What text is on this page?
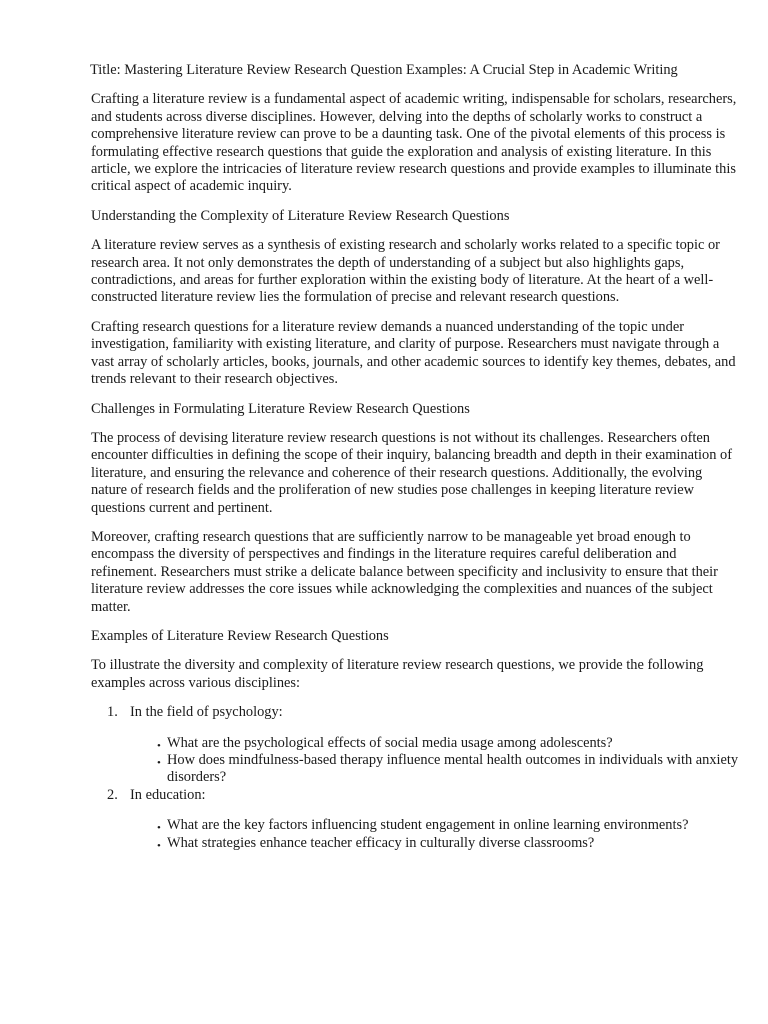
Title: Mastering Literature Review Research Question Examples: A Crucial Step in Academic Writing

Crafting a literature review is a fundamental aspect of academic writing, indispensable for scholars, researchers, and students across diverse disciplines. However, delving into the depths of scholarly works to construct a comprehensive literature review can prove to be a daunting task. One of the pivotal elements of this process is formulating effective research questions that guide the exploration and analysis of existing literature. In this article, we explore the intricacies of literature review research questions and provide examples to illuminate this critical aspect of academic inquiry.

Understanding the Complexity of Literature Review Research Questions

A literature review serves as a synthesis of existing research and scholarly works related to a specific topic or research area. It not only demonstrates the depth of understanding of a subject but also highlights gaps, contradictions, and areas for further exploration within the existing body of literature. At the heart of a well-constructed literature review lies the formulation of precise and relevant research questions.

Crafting research questions for a literature review demands a nuanced understanding of the topic under investigation, familiarity with existing literature, and clarity of purpose. Researchers must navigate through a vast array of scholarly articles, books, journals, and other academic sources to identify key themes, debates, and trends relevant to their research objectives.

Challenges in Formulating Literature Review Research Questions

The process of devising literature review research questions is not without its challenges. Researchers often encounter difficulties in defining the scope of their inquiry, balancing breadth and depth in their examination of literature, and ensuring the relevance and coherence of their research questions. Additionally, the evolving nature of research fields and the proliferation of new studies pose challenges in keeping literature review questions current and pertinent.

Moreover, crafting research questions that are sufficiently narrow to be manageable yet broad enough to encompass the diversity of perspectives and findings in the literature requires careful deliberation and refinement. Researchers must strike a delicate balance between specificity and inclusivity to ensure that their literature review addresses the core issues while acknowledging the complexities and nuances of the subject matter.

Examples of Literature Review Research Questions

To illustrate the diversity and complexity of literature review research questions, we provide the following examples across various disciplines:

1. In the field of psychology:
• What are the psychological effects of social media usage among adolescents?
• How does mindfulness-based therapy influence mental health outcomes in individuals with anxiety disorders?
2. In education:
• What are the key factors influencing student engagement in online learning environments?
• What strategies enhance teacher efficacy in culturally diverse classrooms?
